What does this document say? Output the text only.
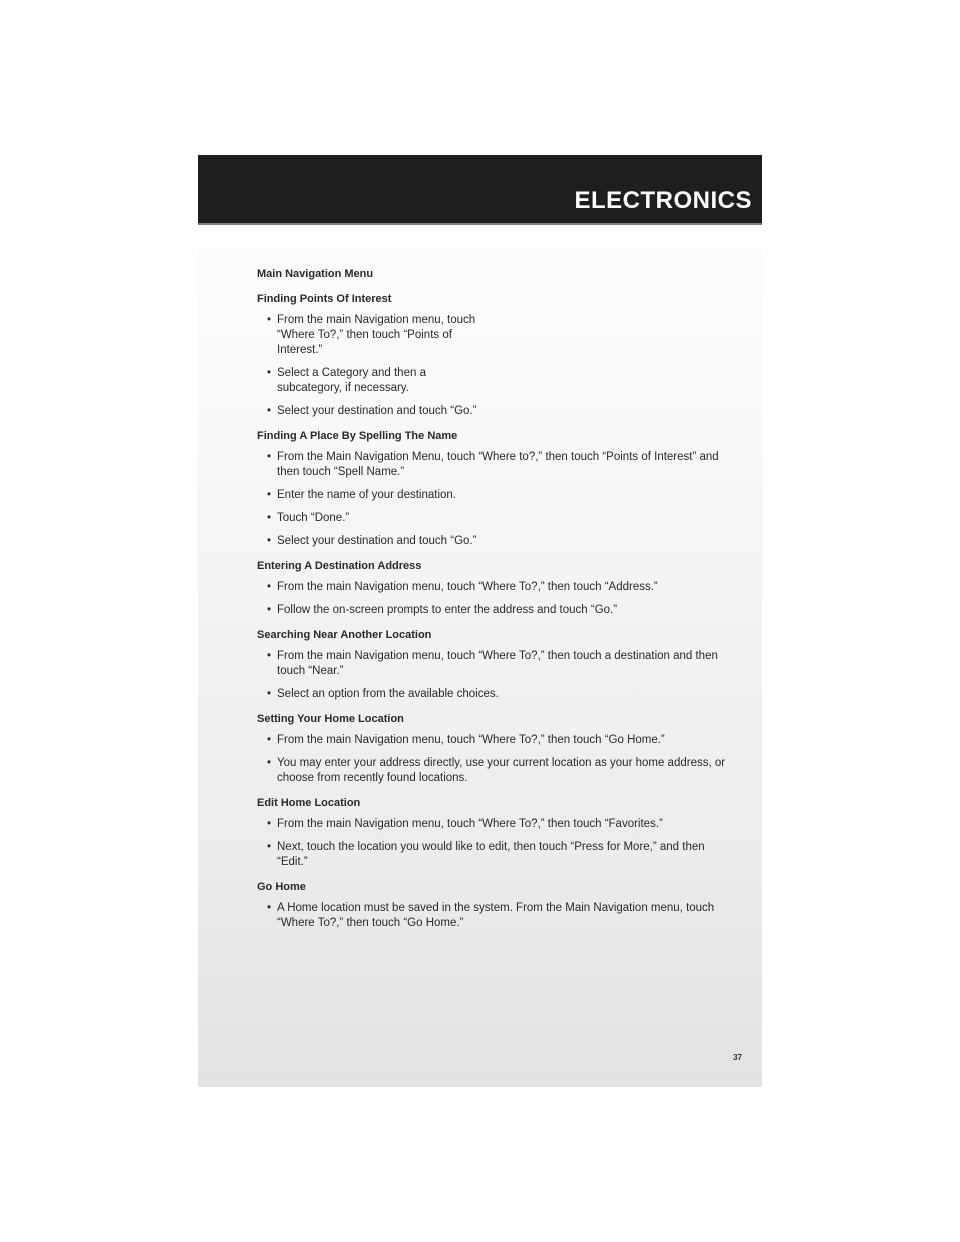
ELECTRONICS
Main Navigation Menu
Finding Points Of Interest
• From the main Navigation menu, touch “Where To?,” then touch “Points of Interest.”
• Select a Category and then a subcategory, if necessary.
• Select your destination and touch “Go.”
Finding A Place By Spelling The Name
• From the Main Navigation Menu, touch “Where to?,” then touch “Points of Interest” and then touch “Spell Name.”
• Enter the name of your destination.
• Touch “Done.”
• Select your destination and touch “Go.”
Entering A Destination Address
• From the main Navigation menu, touch “Where To?,” then touch “Address.”
• Follow the on-screen prompts to enter the address and touch “Go.”
Searching Near Another Location
• From the main Navigation menu, touch “Where To?,” then touch a destination and then touch “Near.”
• Select an option from the available choices.
Setting Your Home Location
• From the main Navigation menu, touch “Where To?,” then touch “Go Home.”
• You may enter your address directly, use your current location as your home address, or choose from recently found locations.
Edit Home Location
• From the main Navigation menu, touch “Where To?,” then touch “Favorites.”
• Next, touch the location you would like to edit, then touch “Press for More,” and then “Edit.”
Go Home
• A Home location must be saved in the system. From the Main Navigation menu, touch “Where To?,” then touch “Go Home.”
37
